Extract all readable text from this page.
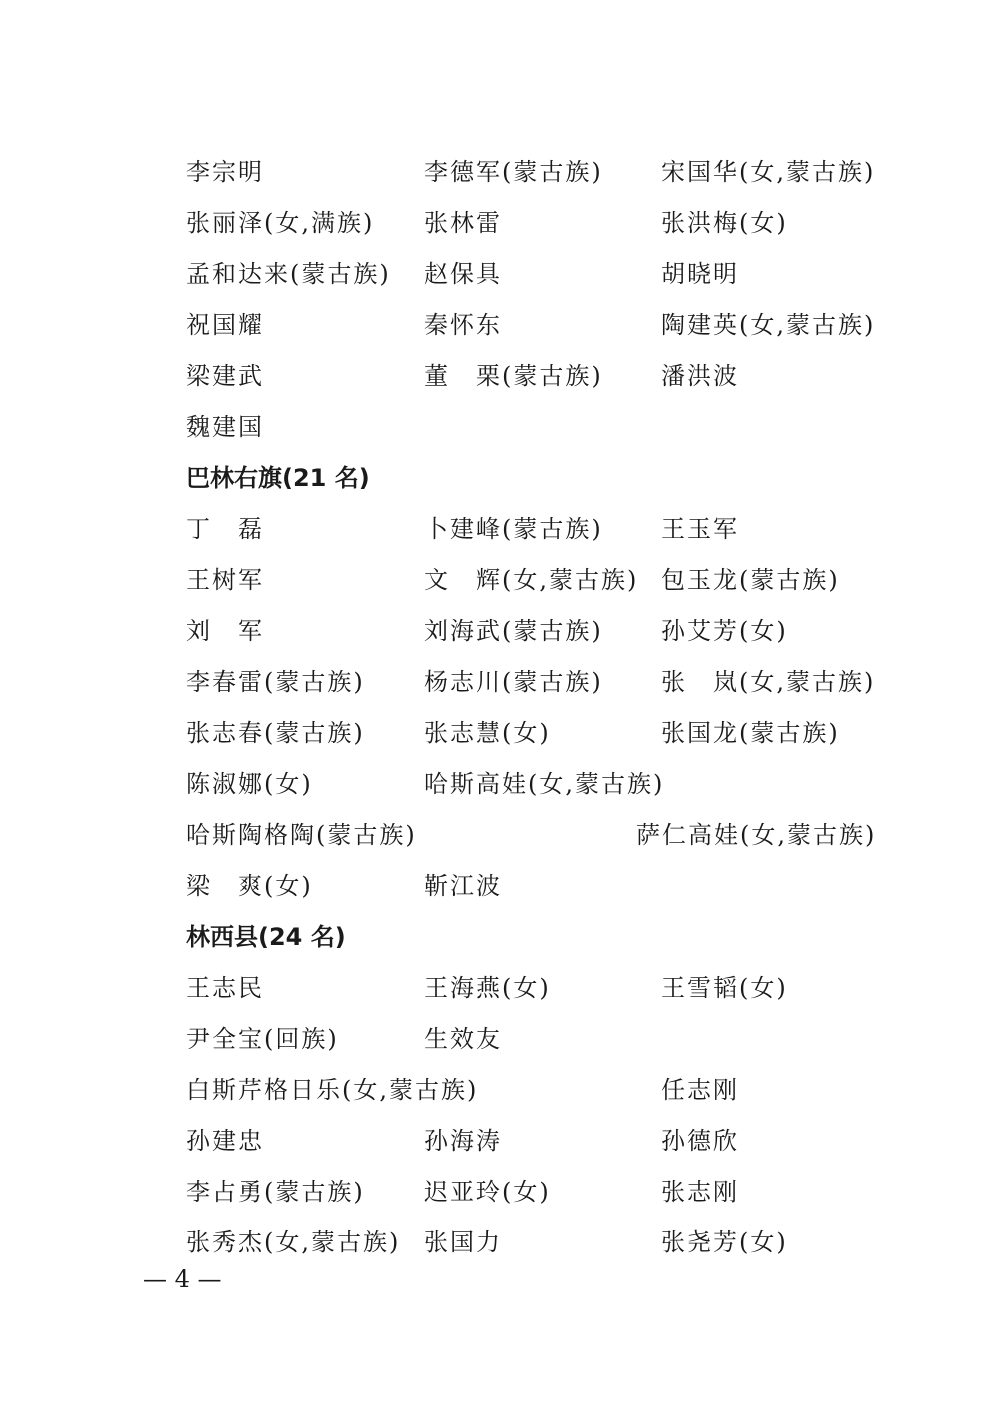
李宗明	李德军(蒙古族) 宋国华(女,蒙古族)
张丽泽(女,满族) 张林雷	张洪梅(女)
孟和达来(蒙古族) 赵保具	胡晓明
祝国耀	秦怀东	陶建英(女,蒙古族)
梁建武	董　栗(蒙古族) 潘洪波
魏建国
巴林右旗(21 名)
丁　磊	卜建峰(蒙古族) 王玉军
王树军	文　辉(女,蒙古族) 包玉龙(蒙古族)
刘　军	刘海武(蒙古族) 孙艾芳(女)
李春雷(蒙古族) 杨志川(蒙古族) 张　岚(女,蒙古族)
张志春(蒙古族) 张志慧(女)	张国龙(蒙古族)
陈淑娜(女)	哈斯高娃(女,蒙古族)
哈斯陶格陶(蒙古族)	萨仁高娃(女,蒙古族)
梁　爽(女)	靳江波
林西县(24 名)
王志民	王海燕(女)	王雪韬(女)
尹全宝(回族)	生效友
白斯芹格日乐(女,蒙古族)	任志刚
孙建忠	孙海涛	孙德欣
李占勇(蒙古族) 迟亚玲(女)	张志刚
张秀杰(女,蒙古族) 张国力	张尧芳(女)
— 4 —
